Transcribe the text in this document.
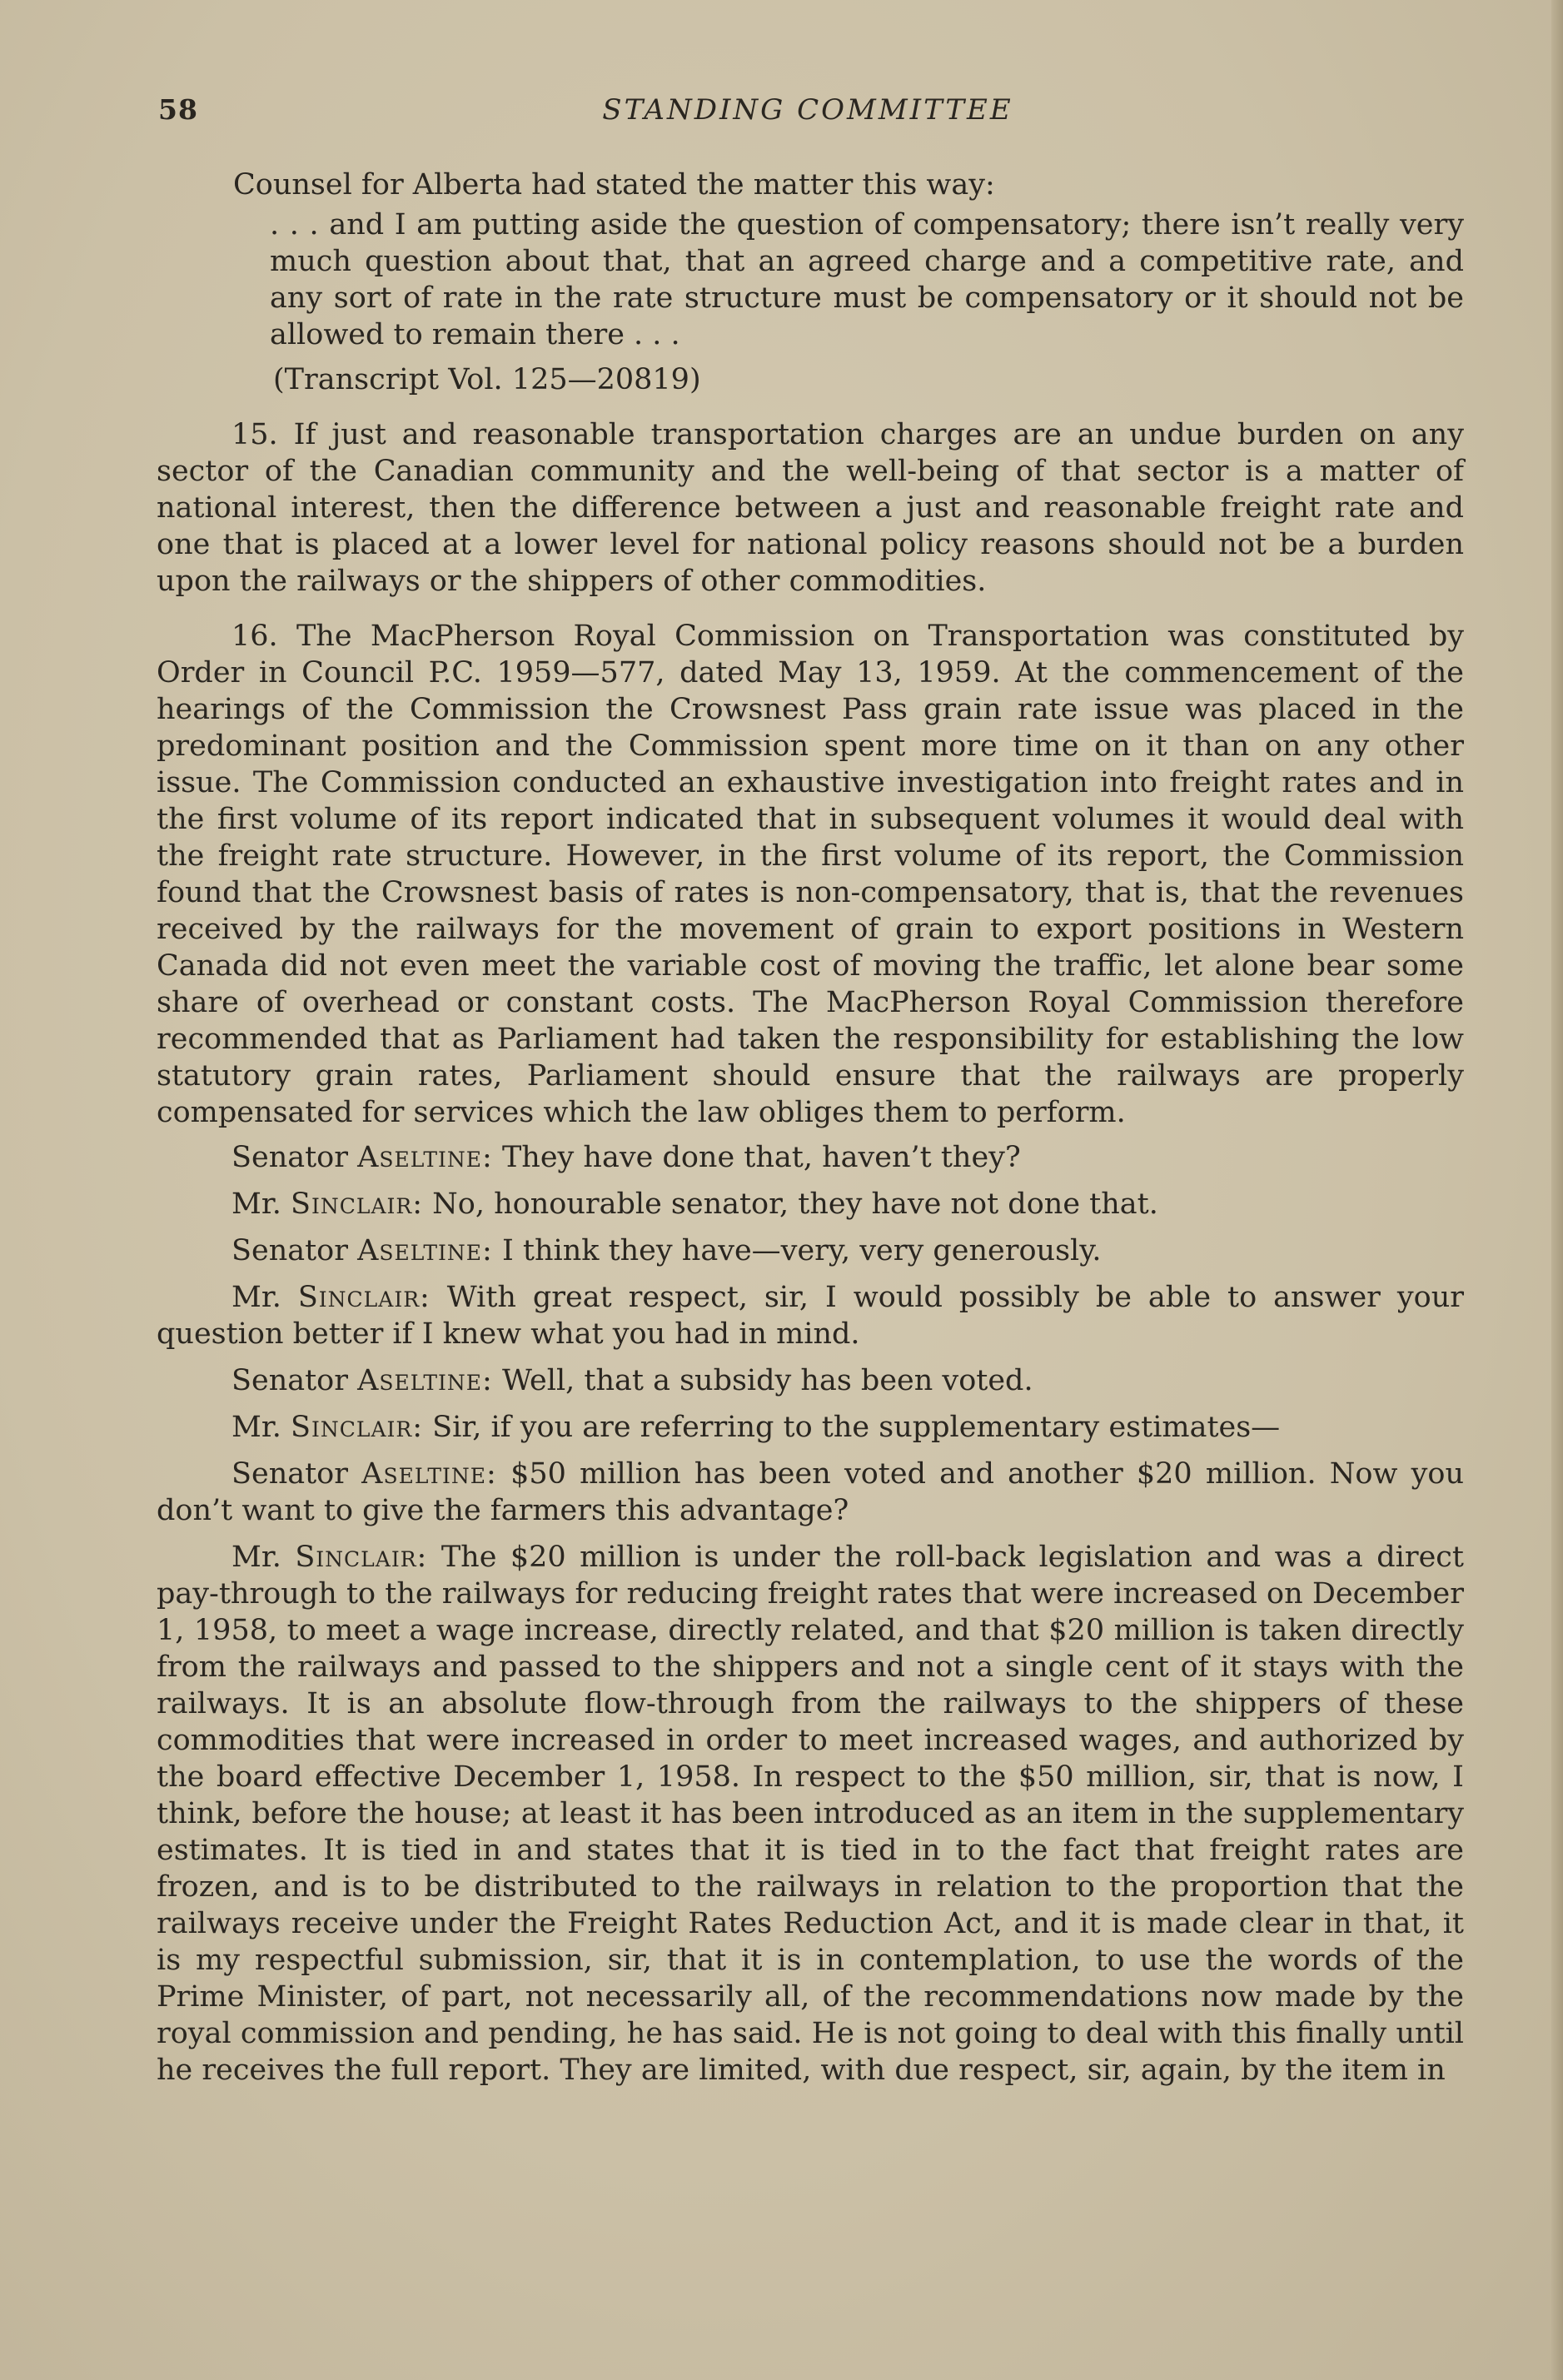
58	STANDING COMMITTEE

Counsel for Alberta had stated the matter this way:

. . . and I am putting aside the question of compensatory; there isn’t really very much question about that, that an agreed charge and a competitive rate, and any sort of rate in the rate structure must be compensatory or it should not be allowed to remain there . . .

(Transcript Vol. 125—20819)

15. If just and reasonable transportation charges are an undue burden on any sector of the Canadian community and the well-being of that sector is a matter of national interest, then the difference between a just and reasonable freight rate and one that is placed at a lower level for national policy reasons should not be a burden upon the railways or the shippers of other commodities.

16. The MacPherson Royal Commission on Transportation was constituted by Order in Council P.C. 1959—577, dated May 13, 1959. At the commencement of the hearings of the Commission the Crowsnest Pass grain rate issue was placed in the predominant position and the Commission spent more time on it than on any other issue. The Commission conducted an exhaustive investigation into freight rates and in the first volume of its report indicated that in subsequent volumes it would deal with the freight rate structure. However, in the first volume of its report, the Commission found that the Crowsnest basis of rates is non-compensatory, that is, that the revenues received by the railways for the movement of grain to export positions in Western Canada did not even meet the variable cost of moving the traffic, let alone bear some share of overhead or constant costs. The MacPherson Royal Commission therefore recommended that as Parliament had taken the responsibility for establishing the low statutory grain rates, Parliament should ensure that the railways are properly compensated for services which the law obliges them to perform.

Senator Aseltine: They have done that, haven’t they?

Mr. Sinclair: No, honourable senator, they have not done that.

Senator Aseltine: I think they have—very, very generously.

Mr. Sinclair: With great respect, sir, I would possibly be able to answer your question better if I knew what you had in mind.

Senator Aseltine: Well, that a subsidy has been voted.

Mr. Sinclair: Sir, if you are referring to the supplementary estimates—

Senator Aseltine: $50 million has been voted and another $20 million. Now you don’t want to give the farmers this advantage?

Mr. Sinclair: The $20 million is under the roll-back legislation and was a direct pay-through to the railways for reducing freight rates that were increased on December 1, 1958, to meet a wage increase, directly related, and that $20 million is taken directly from the railways and passed to the shippers and not a single cent of it stays with the railways. It is an absolute flow-through from the railways to the shippers of these commodities that were increased in order to meet increased wages, and authorized by the board effective December 1, 1958. In respect to the $50 million, sir, that is now, I think, before the house; at least it has been introduced as an item in the supplementary estimates. It is tied in and states that it is tied in to the fact that freight rates are frozen, and is to be distributed to the railways in relation to the proportion that the railways receive under the Freight Rates Reduction Act, and it is made clear in that, it is my respectful submission, sir, that it is in contemplation, to use the words of the Prime Minister, of part, not necessarily all, of the recommendations now made by the royal commission and pending, he has said. He is not going to deal with this finally until he receives the full report. They are limited, with due respect, sir, again, by the item in
